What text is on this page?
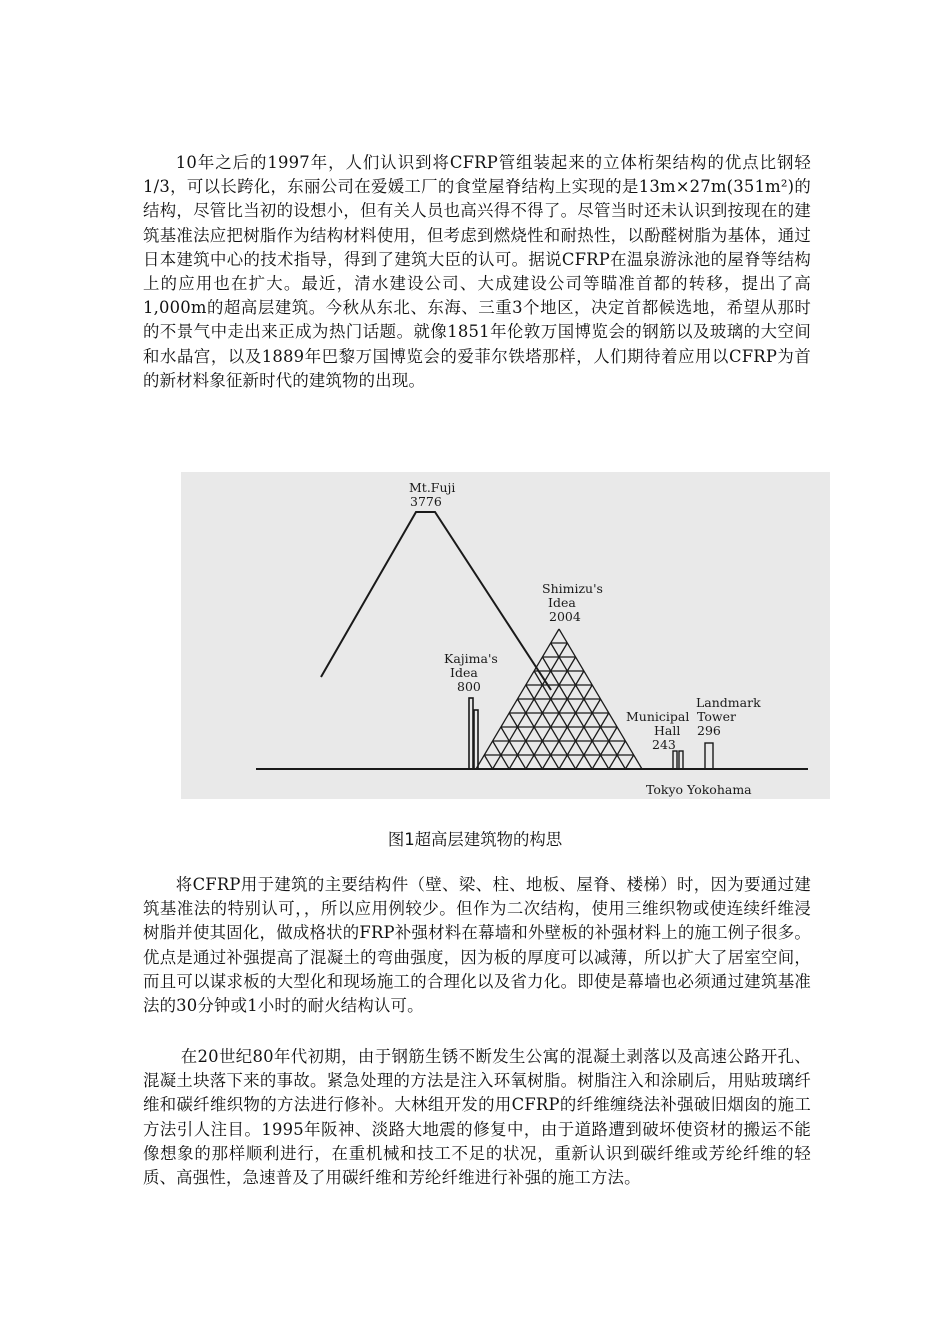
10年之后的1997年，人们认识到将CFRP管组装起来的立体桁架结构的优点比钢轻1/3，可以长跨化，东丽公司在爱媛工厂的食堂屋脊结构上实现的是13m×27m(351m²)的结构，尽管比当初的设想小，但有关人员也高兴得不得了。尽管当时还未认识到按现在的建筑基准法应把树脂作为结构材料使用，但考虑到燃烧性和耐热性，以酚醛树脂为基体，通过日本建筑中心的技术指导，得到了建筑大臣的认可。据说CFRP在温泉游泳池的屋脊等结构上的应用也在扩大。最近，清水建设公司、大成建设公司等瞄准首都的转移，提出了高1,000m的超高层建筑。今秋从东北、东海、三重3个地区，决定首都候选地，希望从那时的不景气中走出来正成为热门话题。就像1851年伦敦万国博览会的钢筋以及玻璃的大空间和水晶宫，以及1889年巴黎万国博览会的爱菲尔铁塔那样，人们期待着应用以CFRP为首的新材料象征新时代的建筑物的出现。

Mt.Fuji
3776
Shimizu's
Idea
2004
Kajima's
Idea
800
Municipal
Hall
243
Landmark
Tower
296
Tokyo Yokohama
图1超高层建筑物的构思

将CFRP用于建筑的主要结构件（壁、梁、柱、地板、屋脊、楼梯）时，因为要通过建筑基准法的特别认可，，所以应用例较少。但作为二次结构，使用三维织物或使连续纤维浸树脂并使其固化，做成格状的FRP补强材料在幕墙和外壁板的补强材料上的施工例子很多。优点是通过补强提高了混凝土的弯曲强度，因为板的厚度可以减薄，所以扩大了居室空间，而且可以谋求板的大型化和现场施工的合理化以及省力化。即使是幕墙也必须通过建筑基准法的30分钟或1小时的耐火结构认可。

在20世纪80年代初期，由于钢筋生锈不断发生公寓的混凝土剥落以及高速公路开孔、混凝土块落下来的事故。紧急处理的方法是注入环氧树脂。树脂注入和涂刷后，用贴玻璃纤维和碳纤维织物的方法进行修补。大林组开发的用CFRP的纤维缠绕法补强破旧烟囱的施工方法引人注目。1995年阪神、淡路大地震的修复中，由于道路遭到破坏使资材的搬运不能像想象的那样顺利进行，在重机械和技工不足的状况，重新认识到碳纤维或芳纶纤维的轻质、高强性，急速普及了用碳纤维和芳纶纤维进行补强的施工方法。
